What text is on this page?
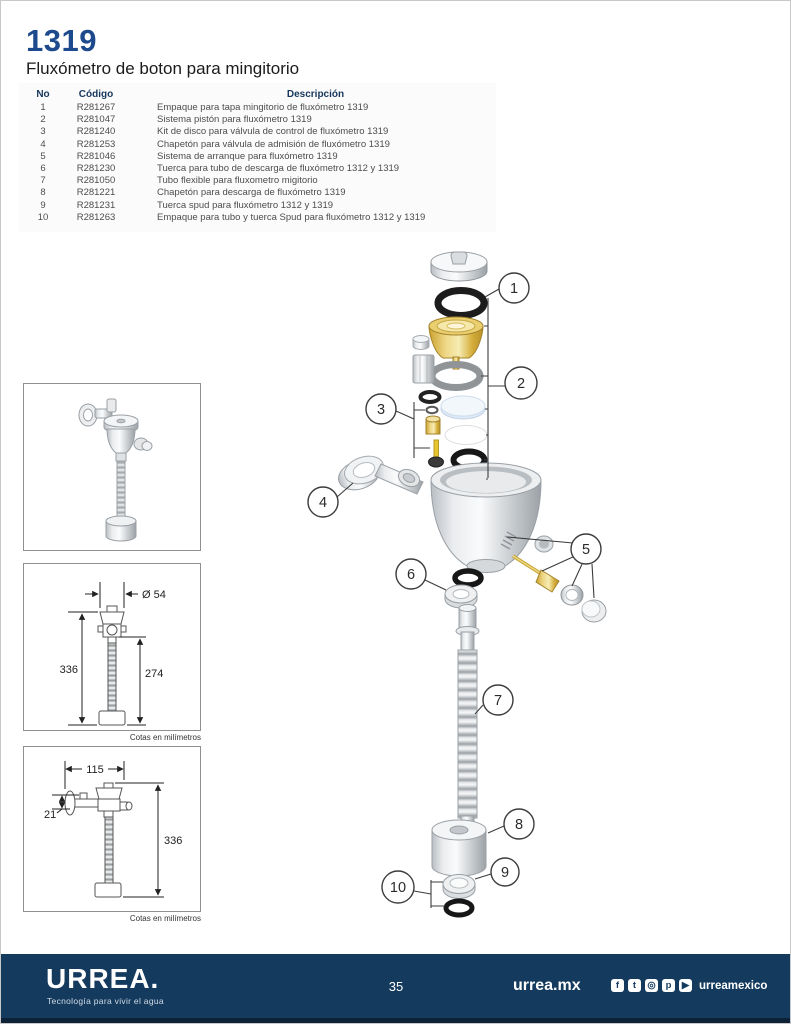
1319
Fluxómetro de boton para mingitorio
No	Código	Descripción
1	R281267	Empaque para tapa mingitorio de fluxómetro 1319
2	R281047	Sistema pistón para fluxómetro 1319
3	R281240	Kit de disco para válvula de control de fluxómetro 1319
4	R281253	Chapetón para válvula de admisión de fluxómetro 1319
5	R281046	Sistema de arranque para fluxómetro 1319
6	R281230	Tuerca para tubo de descarga de fluxómetro 1312 y 1319
7	R281050	Tubo flexible para fluxometro migitorio
8	R281221	Chapetón para descarga de fluxómetro 1319
9	R281231	Tuerca spud para fluxómetro 1312 y 1319
10	R281263	Empaque para tubo y tuerca Spud para fluxómetro 1312 y 1319
Ø 54
336	274
Cotas en milímetros
115
21
336
Cotas en milímetros
1
2
3
4
5
6
7
8
9
10
URREA.
Tecnología para vivir el agua
35	urrea.mx	f	t	◎	p	▶ urreamexico
